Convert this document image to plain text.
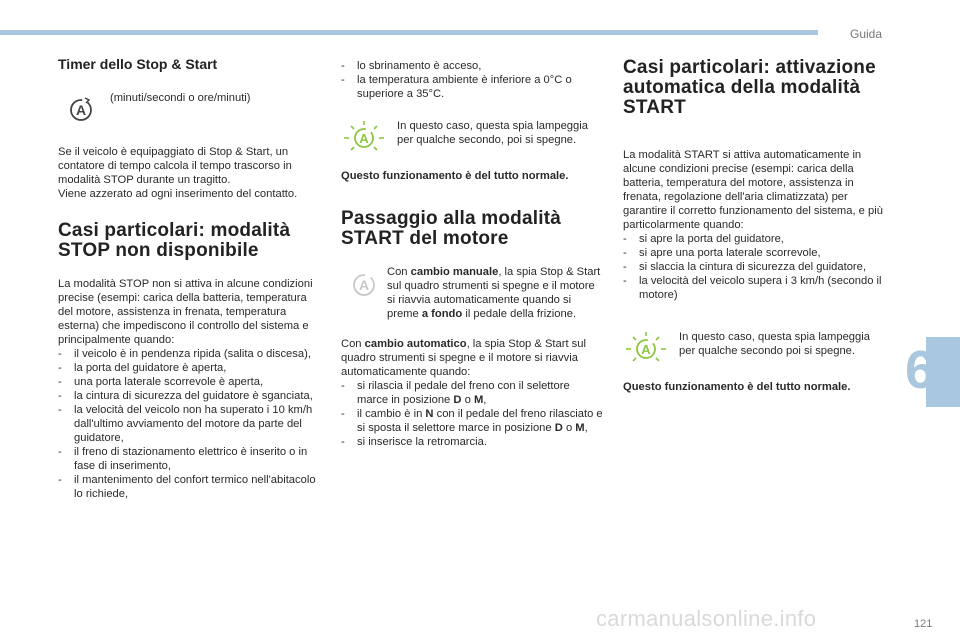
Guida
Timer dello Stop & Start
A
(minuti/secondi o ore/minuti)
Se il veicolo è equipaggiato di Stop & Start, un contatore di tempo calcola il tempo trascorso in modalità STOP durante un tragitto.
Viene azzerato ad ogni inserimento del contatto.
Casi particolari: modalità STOP non disponibile
La modalità STOP non si attiva in alcune condizioni precise (esempi: carica della batteria, temperatura del motore, assistenza in frenata, temperatura esterna) che impediscono il controllo del sistema e principalmente quando:
-	il veicolo è in pendenza ripida (salita o discesa),
-	la porta del guidatore è aperta,
-	una porta laterale scorrevole è aperta,
-	la cintura di sicurezza del guidatore è sganciata,
-	la velocità del veicolo non ha superato i 10 km/h dall'ultimo avviamento del motore da parte del guidatore,
-	il freno di stazionamento elettrico è inserito o in fase di inserimento,
-	il mantenimento del confort termico nell'abitacolo lo richiede,
-	lo sbrinamento è acceso,
-	la temperatura ambiente è inferiore a 0°C o superiore a 35°C.
A
In questo caso, questa spia lampeggia per qualche secondo, poi si spegne.
Questo funzionamento è del tutto normale.
Passaggio alla modalità START del motore
A
Con cambio manuale, la spia Stop & Start sul quadro strumenti si spegne e il motore si riavvia automaticamente quando si preme a fondo il pedale della frizione.
Con cambio automatico, la spia Stop & Start sul quadro strumenti si spegne e il motore si riavvia automaticamente quando:
-	si rilascia il pedale del freno con il selettore marce in posizione D o M,
-	il cambio è in N con il pedale del freno rilasciato e si sposta il selettore marce in posizione D o M,
-	si inserisce la retromarcia.
Casi particolari: attivazione automatica della modalità START
La modalità START si attiva automaticamente in alcune condizioni precise (esempi: carica della batteria, temperatura del motore, assistenza in frenata, regolazione dell'aria climatizzata) per garantire il corretto funzionamento del sistema, e più particolarmente quando:
-	si apre la porta del guidatore,
-	si apre una porta laterale scorrevole,
-	si slaccia la cintura di sicurezza del guidatore,
-	la velocità del veicolo supera i 3 km/h (secondo il motore)
A
In questo caso, questa spia lampeggia per qualche secondo poi si spegne.
Questo funzionamento è del tutto normale.	6
carmanualsonline.info	121
